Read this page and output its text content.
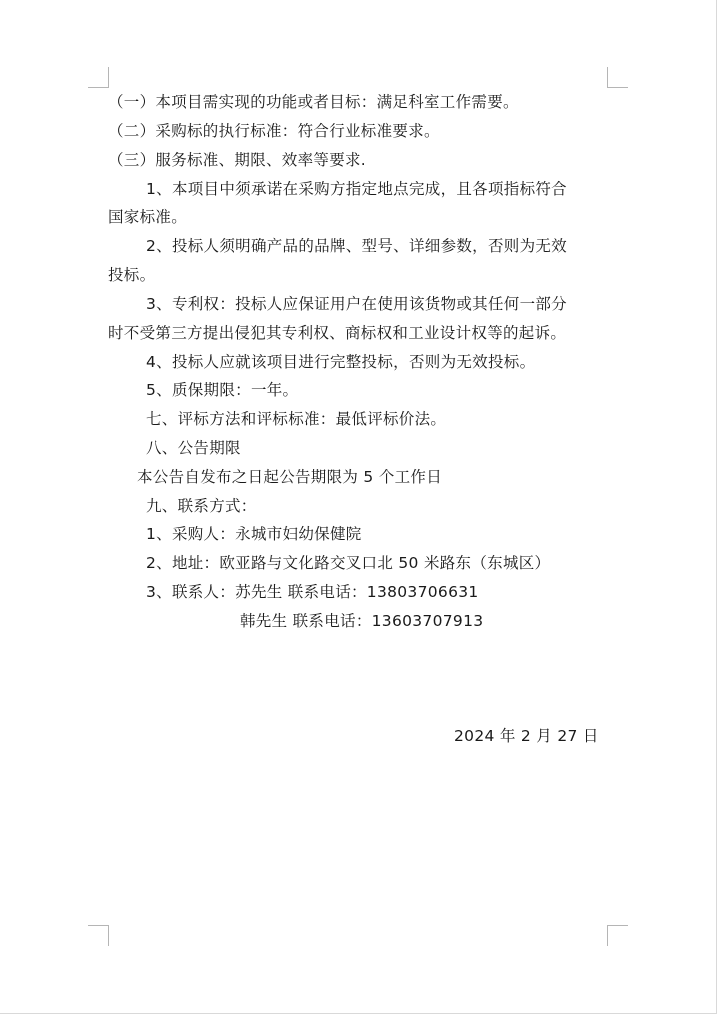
（一）本项目需实现的功能或者目标：满足科室工作需要。
（二）采购标的执行标准：符合行业标准要求。
（三）服务标准、期限、效率等要求.
1、本项目中须承诺在采购方指定地点完成，且各项指标符合
国家标准。
2、投标人须明确产品的品牌、型号、详细参数，否则为无效
投标。
3、专利权：投标人应保证用户在使用该货物或其任何一部分
时不受第三方提出侵犯其专利权、商标权和工业设计权等的起诉。
4、投标人应就该项目进行完整投标，否则为无效投标。
5、质保期限：一年。
七、评标方法和评标标准：最低评标价法。
八、公告期限
本公告自发布之日起公告期限为 5 个工作日
九、联系方式：
1、采购人：永城市妇幼保健院
2、地址：欧亚路与文化路交叉口北 50 米路东（东城区）
3、联系人：苏先生 联系电话：13803706631
韩先生 联系电话：13603707913
2024 年 2 月 27 日
